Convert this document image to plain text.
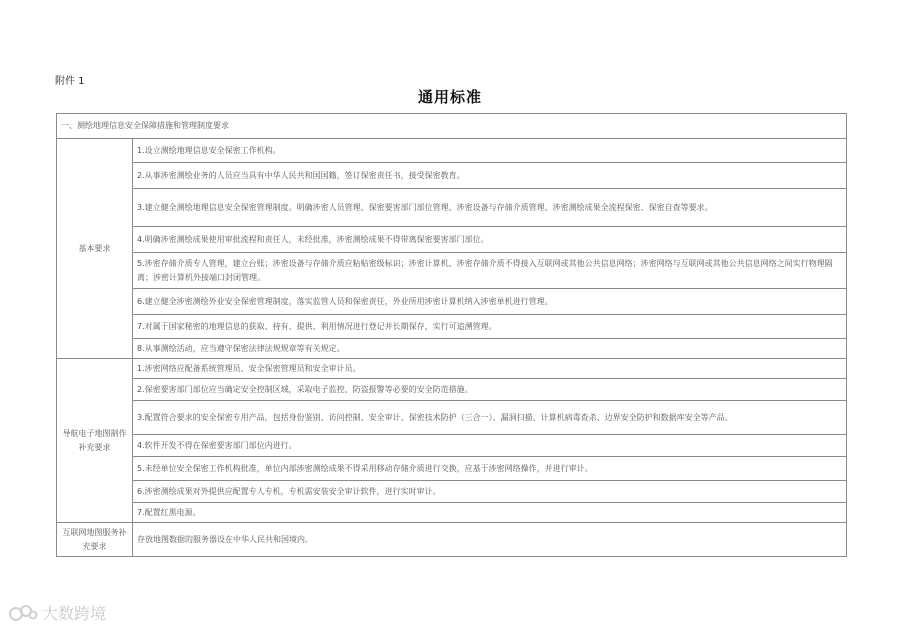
附件 1
通用标准
一、测绘地理信息安全保障措施和管理制度要求	
基本要求	1.设立测绘地理信息安全保密工作机构。
	2.从事涉密测绘业务的人员应当具有中华人民共和国国籍，签订保密责任书，接受保密教育。
	3.建立健全测绘地理信息安全保密管理制度。明确涉密人员管理、保密要害部门部位管理、涉密设备与存储介质管理、涉密测绘成果全流程保密、保密自查等要求。
	4.明确涉密测绘成果使用审批流程和责任人，未经批准，涉密测绘成果不得带离保密要害部门部位。
	5.涉密存储介质专人管理，建立台账；涉密设备与存储介质应粘贴密级标识；涉密计算机、涉密存储介质不得接入互联网或其他公共信息网络；涉密网络与互联网或其他公共信息网络之间实行物理隔离；涉密计算机外接端口封闭管理。
	6.建立健全涉密测绘外业安全保密管理制度，落实监管人员和保密责任，外业所用涉密计算机纳入涉密单机进行管理。
	7.对属于国家秘密的地理信息的获取、持有、提供、利用情况进行登记并长期保存，实行可追溯管理。
	8.从事测绘活动，应当遵守保密法律法规规章等有关规定。
导航电子地图制作补充要求	1.涉密网络应配备系统管理员、安全保密管理员和安全审计员。
	2.保密要害部门部位应当确定安全控制区域，采取电子监控、防盗报警等必要的安全防范措施。
	3.配置符合要求的安全保密专用产品，包括身份鉴别、访问控制、安全审计、保密技术防护（三合一）、漏洞扫描、计算机病毒查杀、边界安全防护和数据库安全等产品。
	4.软件开发不得在保密要害部门部位内进行。
	5.未经单位安全保密工作机构批准，单位内部涉密测绘成果不得采用移动存储介质进行交换，应基于涉密网络操作，并进行审计。
	6.涉密测绘成果对外提供应配置专人专机，专机需安装安全审计软件，进行实时审计。
	7.配置红黑电源。
互联网地图服务补充要求	存放地图数据的服务器设在中华人民共和国境内。
大数跨境
